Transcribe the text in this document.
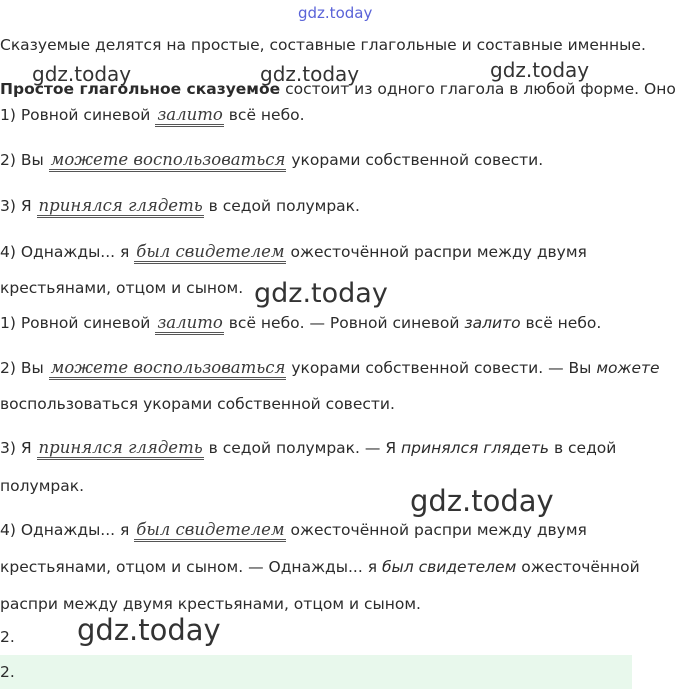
gdz.today
gdz.today	gdz.today	gdz.today
gdz.today
gdz.today
gdz.today
Сказуемые делятся на простые, составные глагольные и составные именные.
Простое глагольное сказуемое состоит из одного глагола в любой форме. Оно
1) Ровной синевой залито всё небо.
2) Вы можете воспользоваться укорами собственной совести.
3) Я принялся глядеть в седой полумрак.
4) Однажды... я был свидетелем ожесточённой распри между двумя
крестьянами, отцом и сыном.
1) Ровной синевой залито всё небо. — Ровной синевой залито всё небо.
2) Вы можете воспользоваться укорами собственной совести. — Вы можете
воспользоваться укорами собственной совести.
3) Я принялся глядеть в седой полумрак. — Я принялся глядеть в седой
полумрак.
4) Однажды... я был свидетелем ожесточённой распри между двумя
крестьянами, отцом и сыном. — Однажды... я был свидетелем ожесточённой
распри между двумя крестьянами, отцом и сыном.
2.
2.
